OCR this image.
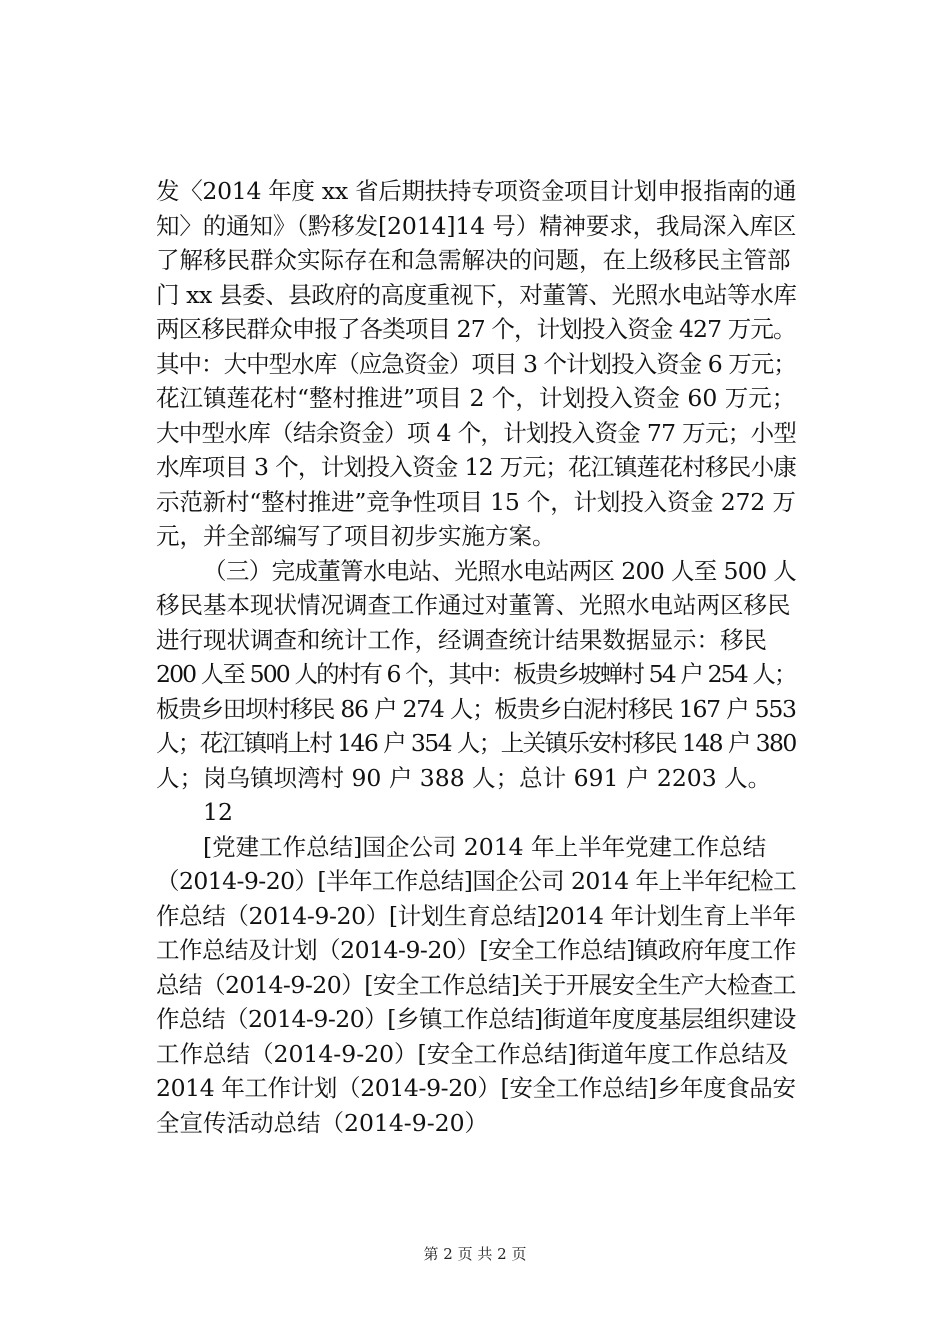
发〈2014 年度 xx 省后期扶持专项资金项目计划申报指南的通
知〉的通知》（黔移发[2014]14 号）精神要求，我局深入库区
了解移民群众实际存在和急需解决的问题，在上级移民主管部
门 xx 县委、县政府的高度重视下，对董箐、光照水电站等水库
两区移民群众申报了各类项目 27 个，计划投入资金 427 万元。
其中：大中型水库（应急资金）项目 3 个计划投入资金 6 万元；
花江镇莲花村“整村推进”项目 2 个，计划投入资金 60 万元；
大中型水库（结余资金）项 4 个，计划投入资金 77 万元；小型
水库项目 3 个，计划投入资金 12 万元；花江镇莲花村移民小康
示范新村“整村推进”竞争性项目 15 个，计划投入资金 272 万
元，并全部编写了项目初步实施方案。
（三）完成董箐水电站、光照水电站两区 200 人至 500 人
移民基本现状情况调查工作通过对董箐、光照水电站两区移民
进行现状调查和统计工作，经调查统计结果数据显示：移民
200 人至 500 人的村有 6 个，其中：板贵乡坡蝉村 54 户 254 人；
板贵乡田坝村移民 86 户 274 人；板贵乡白泥村移民 167 户 553
人；花江镇哨上村 146 户 354 人；上关镇乐安村移民 148 户 380
人；岗乌镇坝湾村 90 户 388 人；总计 691 户 2203 人。
12
[党建工作总结]国企公司 2014 年上半年党建工作总结
（2014-9-20）[半年工作总结]国企公司 2014 年上半年纪检工
作总结（2014-9-20）[计划生育总结]2014 年计划生育上半年
工作总结及计划（2014-9-20）[安全工作总结]镇政府年度工作
总结（2014-9-20）[安全工作总结]关于开展安全生产大检查工
作总结（2014-9-20）[乡镇工作总结]街道年度度基层组织建设
工作总结（2014-9-20）[安全工作总结]街道年度工作总结及
2014 年工作计划（2014-9-20）[安全工作总结]乡年度食品安
全宣传活动总结（2014-9-20）
第 2 页 共 2 页
